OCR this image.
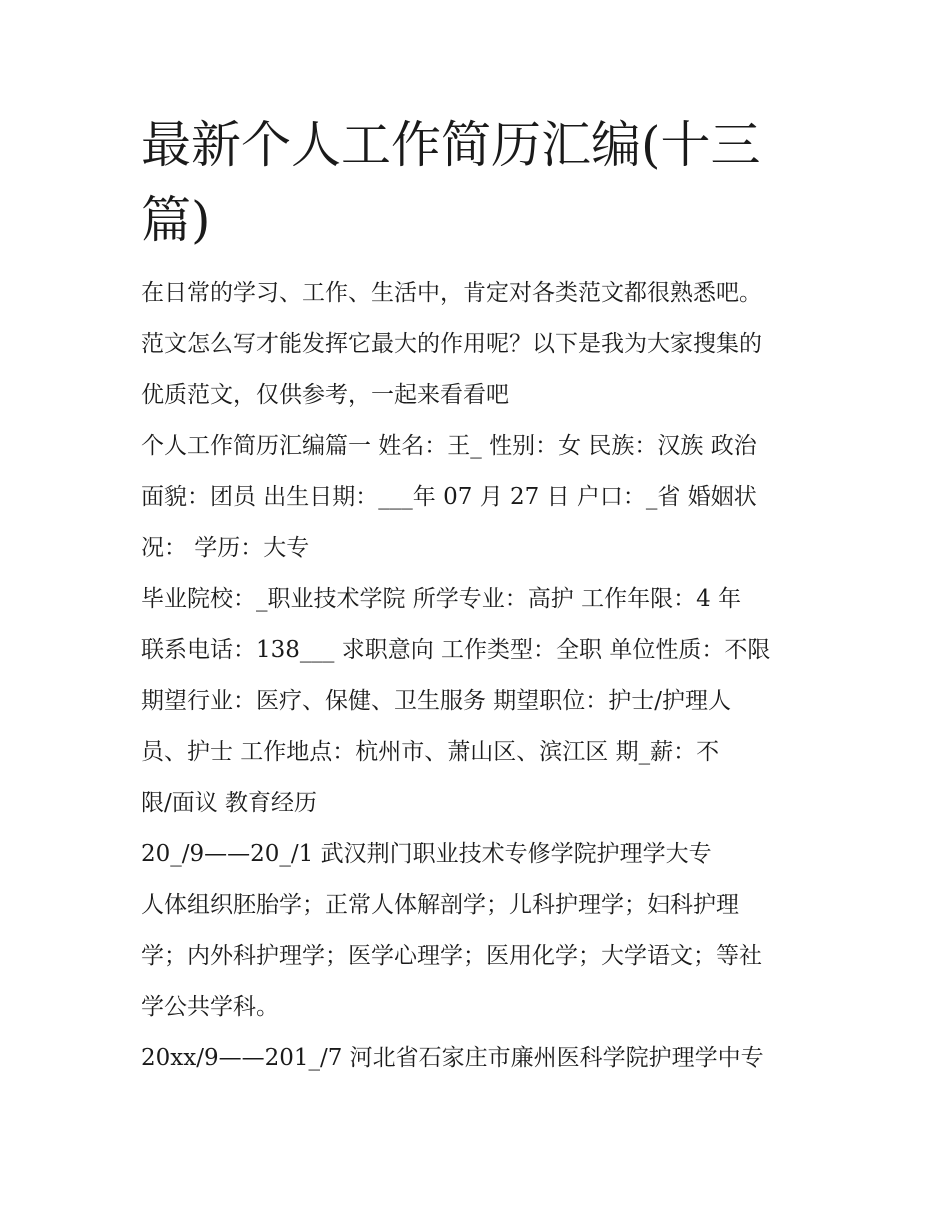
最新个人工作简历汇编(十三
篇)

在日常的学习、工作、生活中，肯定对各类范文都很熟悉吧。
范文怎么写才能发挥它最大的作用呢？以下是我为大家搜集的
优质范文，仅供参考，一起来看看吧

个人工作简历汇编篇一 姓名：王_ 性别：女 民族：汉族 政治
面貌：团员 出生日期：___年 07 月 27 日 户口：_省 婚姻状
况： 学历：大专

毕业院校：_职业技术学院 所学专业：高护 工作年限：4 年
联系电话：138___ 求职意向 工作类型：全职 单位性质：不限
期望行业：医疗、保健、卫生服务 期望职位：护士/护理人
员、护士 工作地点：杭州市、萧山区、滨江区 期_薪：不
限/面议 教育经历

20_/9——20_/1 武汉荆门职业技术专修学院护理学大专

人体组织胚胎学；正常人体解剖学；儿科护理学；妇科护理
学；内外科护理学；医学心理学；医用化学；大学语文；等社
学公共学科。

20xx/9——201_/7 河北省石家庄市廉州医科学院护理学中专
